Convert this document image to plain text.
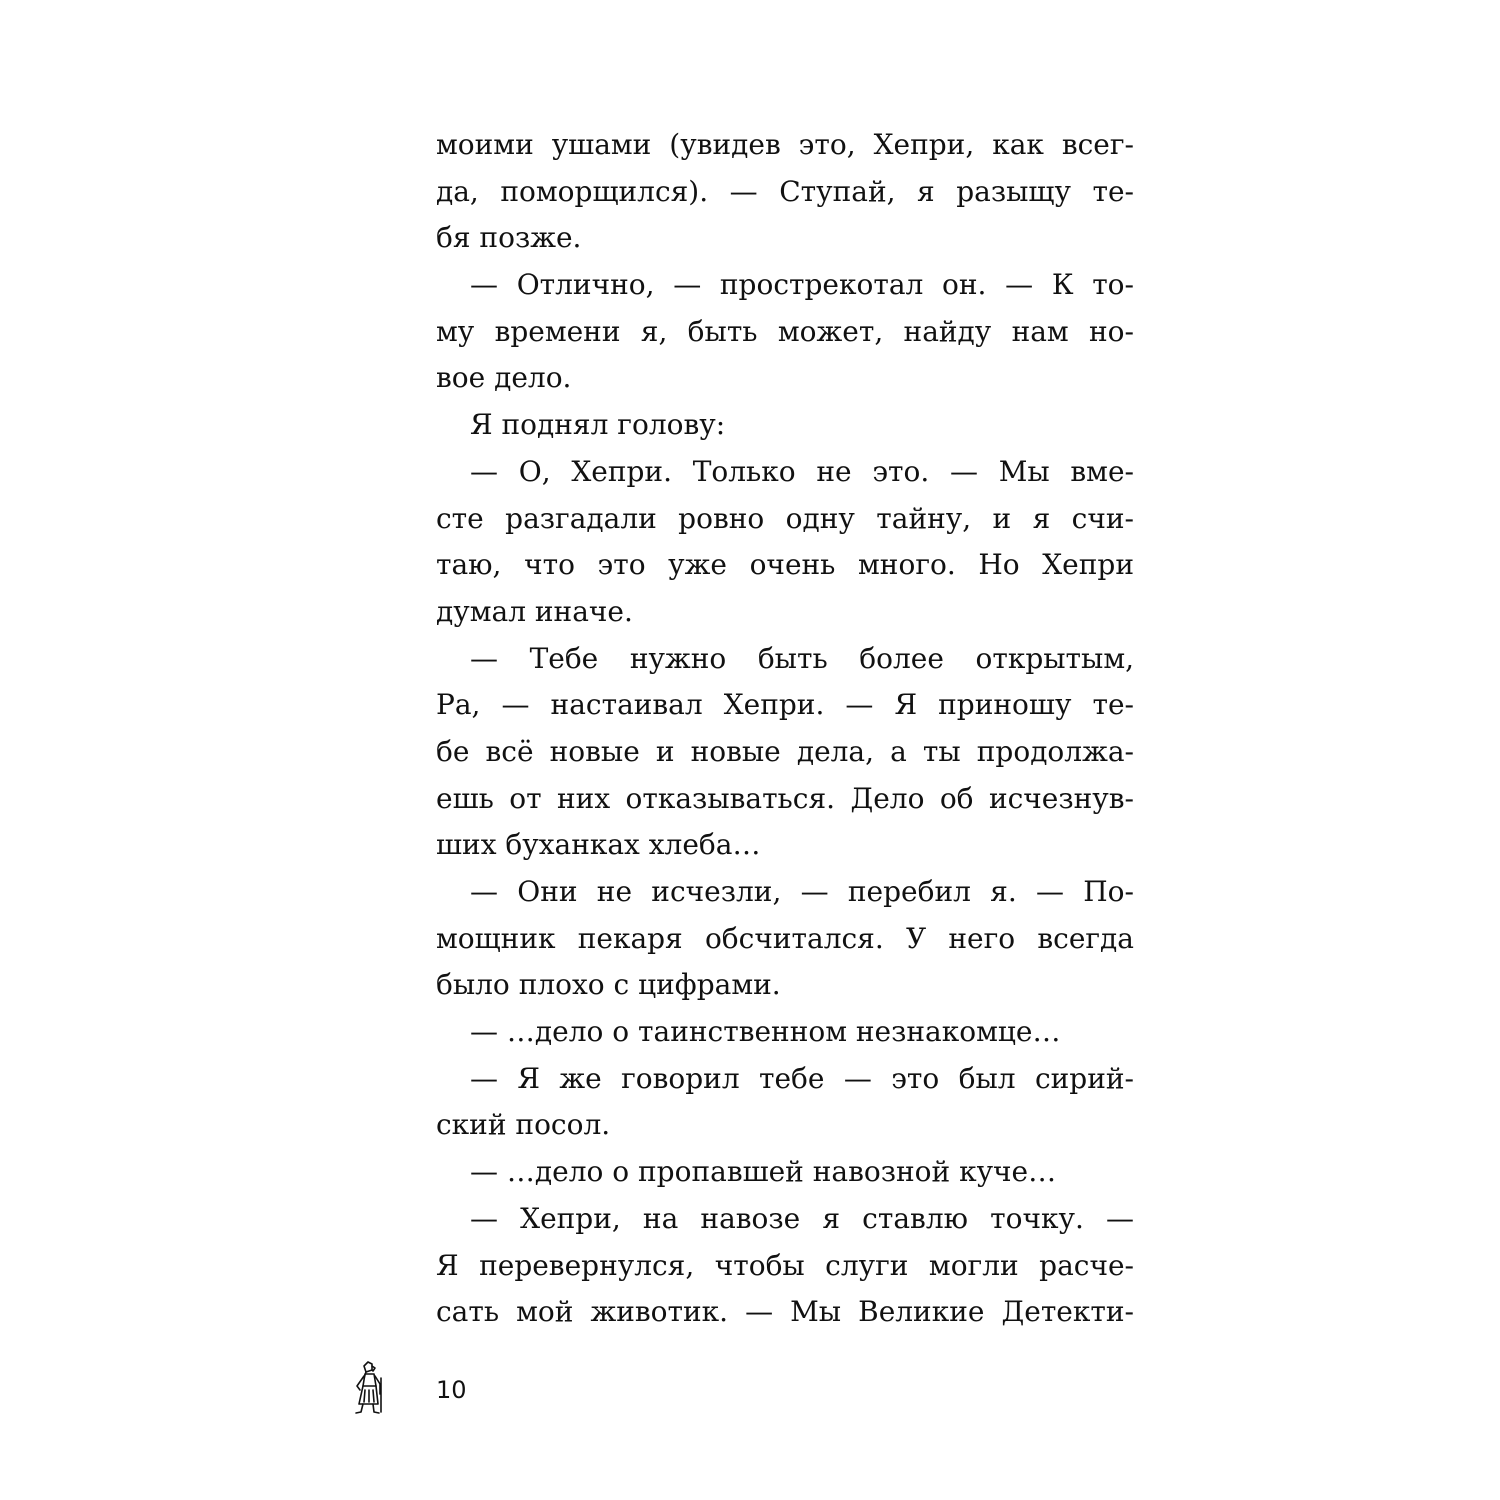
моими ушами (увидев это, Хепри, как всег-
да, поморщился). — Ступай, я разыщу те-
бя позже.
— Отлично, — прострекотал он. — К то-
му времени я, быть может, найду нам но-
вое дело.
Я поднял голову:
— О, Хепри. Только не это. — Мы вме-
сте разгадали ровно одну тайну, и я счи-
таю, что это уже очень много. Но Хепри
думал иначе.
— Тебе нужно быть более открытым,
Ра, — настаивал Хепри. — Я приношу те-
бе всё новые и новые дела, а ты продолжа-
ешь от них отказываться. Дело об исчезнув-
ших буханках хлеба…
— Они не исчезли, — перебил я. — По-
мощник пекаря обсчитался. У него всегда
было плохо с цифрами.
— …дело о таинственном незнакомце…
— Я же говорил тебе — это был сирий-
ский посол.
— …дело о пропавшей навозной куче…
— Хепри, на навозе я ставлю точку. —
Я перевернулся, чтобы слуги могли расче-
сать мой животик. — Мы Великие Детекти-
10
